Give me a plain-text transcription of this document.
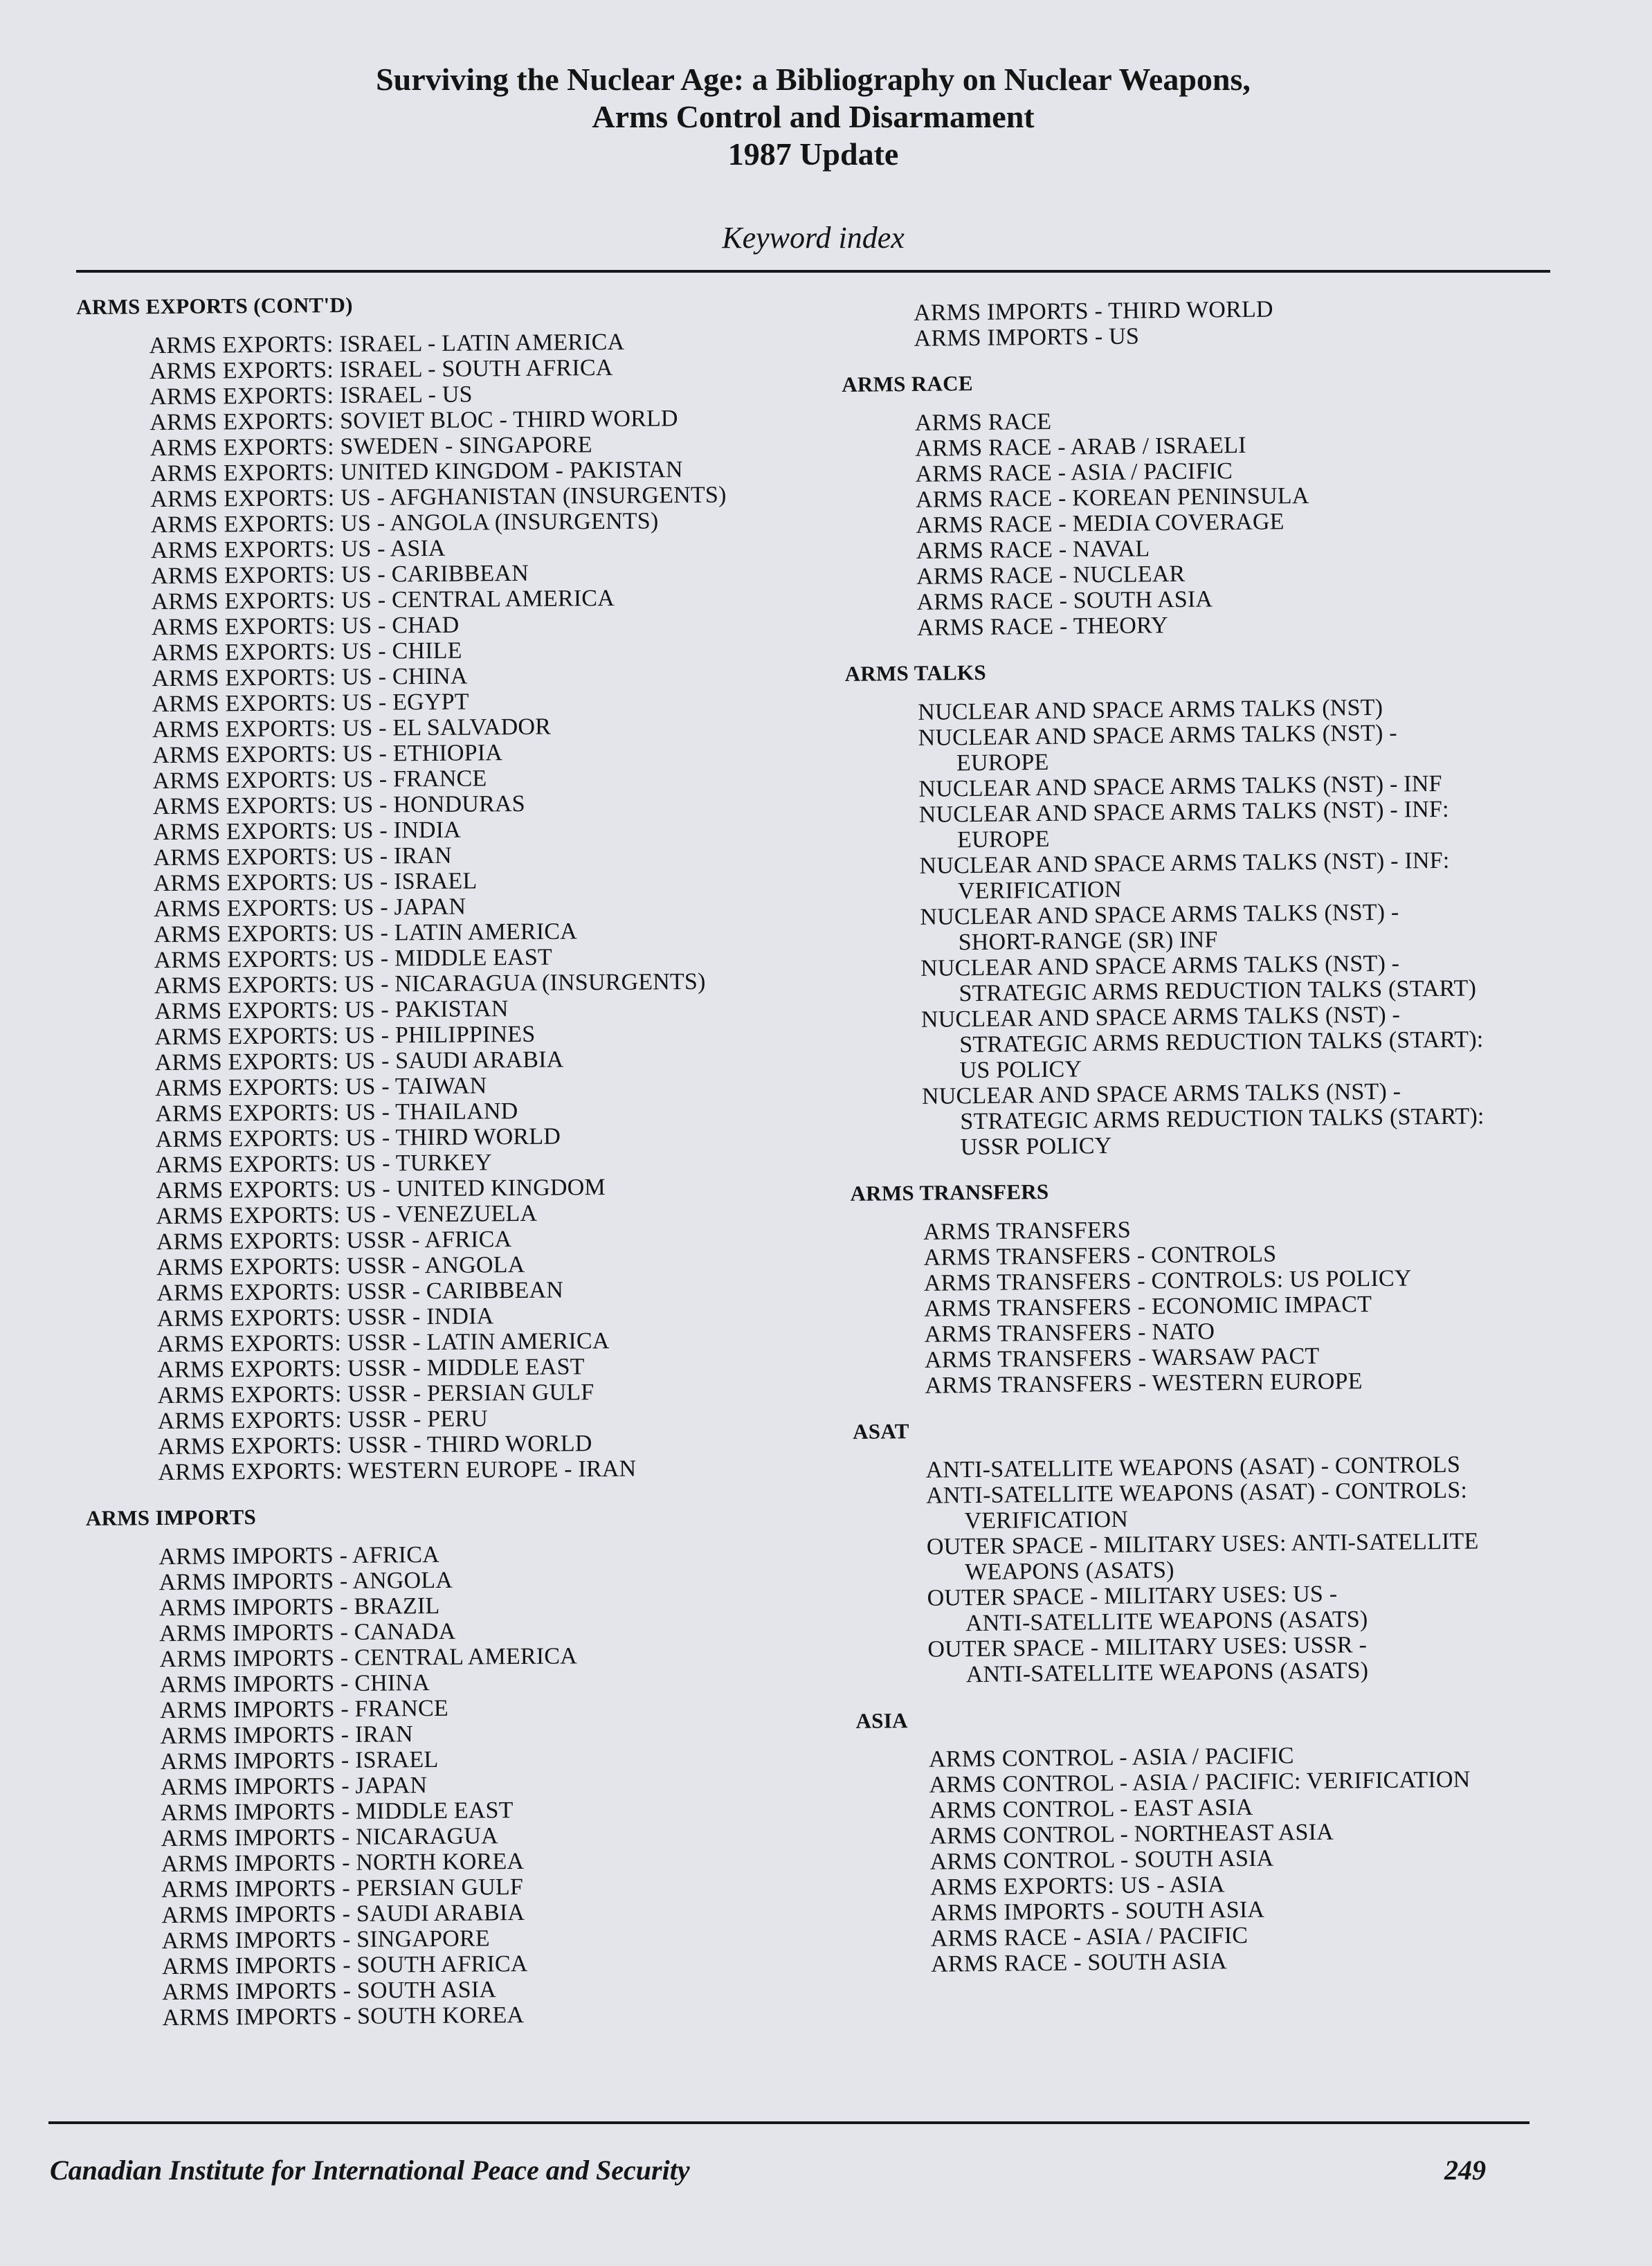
Surviving the Nuclear Age: a Bibliography on Nuclear Weapons,
Arms Control and Disarmament
1987 Update
Keyword index
ARMS EXPORTS (CONT'D)
ARMS EXPORTS: ISRAEL - LATIN AMERICA
ARMS EXPORTS: ISRAEL - SOUTH AFRICA
ARMS EXPORTS: ISRAEL - US
ARMS EXPORTS: SOVIET BLOC - THIRD WORLD
ARMS EXPORTS: SWEDEN - SINGAPORE
ARMS EXPORTS: UNITED KINGDOM - PAKISTAN
ARMS EXPORTS: US - AFGHANISTAN (INSURGENTS)
ARMS EXPORTS: US - ANGOLA (INSURGENTS)
ARMS EXPORTS: US - ASIA
ARMS EXPORTS: US - CARIBBEAN
ARMS EXPORTS: US - CENTRAL AMERICA
ARMS EXPORTS: US - CHAD
ARMS EXPORTS: US - CHILE
ARMS EXPORTS: US - CHINA
ARMS EXPORTS: US - EGYPT
ARMS EXPORTS: US - EL SALVADOR
ARMS EXPORTS: US - ETHIOPIA
ARMS EXPORTS: US - FRANCE
ARMS EXPORTS: US - HONDURAS
ARMS EXPORTS: US - INDIA
ARMS EXPORTS: US - IRAN
ARMS EXPORTS: US - ISRAEL
ARMS EXPORTS: US - JAPAN
ARMS EXPORTS: US - LATIN AMERICA
ARMS EXPORTS: US - MIDDLE EAST
ARMS EXPORTS: US - NICARAGUA (INSURGENTS)
ARMS EXPORTS: US - PAKISTAN
ARMS EXPORTS: US - PHILIPPINES
ARMS EXPORTS: US - SAUDI ARABIA
ARMS EXPORTS: US - TAIWAN
ARMS EXPORTS: US - THAILAND
ARMS EXPORTS: US - THIRD WORLD
ARMS EXPORTS: US - TURKEY
ARMS EXPORTS: US - UNITED KINGDOM
ARMS EXPORTS: US - VENEZUELA
ARMS EXPORTS: USSR - AFRICA
ARMS EXPORTS: USSR - ANGOLA
ARMS EXPORTS: USSR - CARIBBEAN
ARMS EXPORTS: USSR - INDIA
ARMS EXPORTS: USSR - LATIN AMERICA
ARMS EXPORTS: USSR - MIDDLE EAST
ARMS EXPORTS: USSR - PERSIAN GULF
ARMS EXPORTS: USSR - PERU
ARMS EXPORTS: USSR - THIRD WORLD
ARMS EXPORTS: WESTERN EUROPE - IRAN
ARMS IMPORTS
ARMS IMPORTS - AFRICA
ARMS IMPORTS - ANGOLA
ARMS IMPORTS - BRAZIL
ARMS IMPORTS - CANADA
ARMS IMPORTS - CENTRAL AMERICA
ARMS IMPORTS - CHINA
ARMS IMPORTS - FRANCE
ARMS IMPORTS - IRAN
ARMS IMPORTS - ISRAEL
ARMS IMPORTS - JAPAN
ARMS IMPORTS - MIDDLE EAST
ARMS IMPORTS - NICARAGUA
ARMS IMPORTS - NORTH KOREA
ARMS IMPORTS - PERSIAN GULF
ARMS IMPORTS - SAUDI ARABIA
ARMS IMPORTS - SINGAPORE
ARMS IMPORTS - SOUTH AFRICA
ARMS IMPORTS - SOUTH ASIA
ARMS IMPORTS - SOUTH KOREA
ARMS IMPORTS - THIRD WORLD
ARMS IMPORTS - US
ARMS RACE
ARMS RACE
ARMS RACE - ARAB / ISRAELI
ARMS RACE - ASIA / PACIFIC
ARMS RACE - KOREAN PENINSULA
ARMS RACE - MEDIA COVERAGE
ARMS RACE - NAVAL
ARMS RACE - NUCLEAR
ARMS RACE - SOUTH ASIA
ARMS RACE - THEORY
ARMS TALKS
NUCLEAR AND SPACE ARMS TALKS (NST)
NUCLEAR AND SPACE ARMS TALKS (NST) -
EUROPE
NUCLEAR AND SPACE ARMS TALKS (NST) - INF
NUCLEAR AND SPACE ARMS TALKS (NST) - INF:
EUROPE
NUCLEAR AND SPACE ARMS TALKS (NST) - INF:
VERIFICATION
NUCLEAR AND SPACE ARMS TALKS (NST) -
SHORT-RANGE (SR) INF
NUCLEAR AND SPACE ARMS TALKS (NST) -
STRATEGIC ARMS REDUCTION TALKS (START)
NUCLEAR AND SPACE ARMS TALKS (NST) -
STRATEGIC ARMS REDUCTION TALKS (START):
US POLICY
NUCLEAR AND SPACE ARMS TALKS (NST) -
STRATEGIC ARMS REDUCTION TALKS (START):
USSR POLICY
ARMS TRANSFERS
ARMS TRANSFERS
ARMS TRANSFERS - CONTROLS
ARMS TRANSFERS - CONTROLS: US POLICY
ARMS TRANSFERS - ECONOMIC IMPACT
ARMS TRANSFERS - NATO
ARMS TRANSFERS - WARSAW PACT
ARMS TRANSFERS - WESTERN EUROPE
ASAT
ANTI-SATELLITE WEAPONS (ASAT) - CONTROLS
ANTI-SATELLITE WEAPONS (ASAT) - CONTROLS:
VERIFICATION
OUTER SPACE - MILITARY USES: ANTI-SATELLITE
WEAPONS (ASATS)
OUTER SPACE - MILITARY USES: US -
ANTI-SATELLITE WEAPONS (ASATS)
OUTER SPACE - MILITARY USES: USSR -
ANTI-SATELLITE WEAPONS (ASATS)
ASIA
ARMS CONTROL - ASIA / PACIFIC
ARMS CONTROL - ASIA / PACIFIC: VERIFICATION
ARMS CONTROL - EAST ASIA
ARMS CONTROL - NORTHEAST ASIA
ARMS CONTROL - SOUTH ASIA
ARMS EXPORTS: US - ASIA
ARMS IMPORTS - SOUTH ASIA
ARMS RACE - ASIA / PACIFIC
ARMS RACE - SOUTH ASIA
Canadian Institute for International Peace and Security	249
